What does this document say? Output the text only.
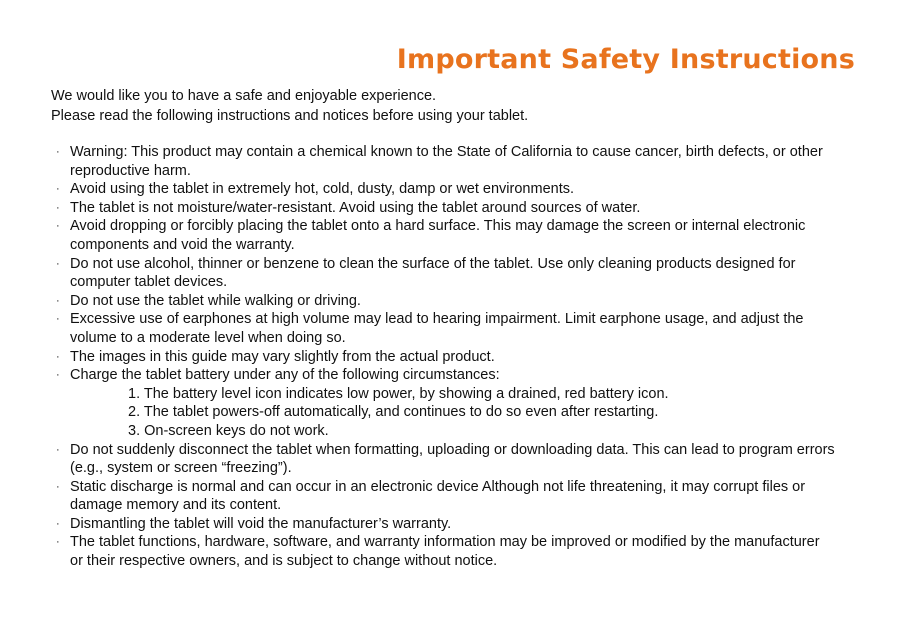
Important Safety Instructions

We would like you to have a safe and enjoyable experience.

Please read the following instructions and notices before using your tablet.

· Warning: This product may contain a chemical known to the State of California to cause cancer, birth defects, or other reproductive harm.
· Avoid using the tablet in extremely hot, cold, dusty, damp or wet environments.
· The tablet is not moisture/water-resistant. Avoid using the tablet around sources of water.
· Avoid dropping or forcibly placing the tablet onto a hard surface. This may damage the screen or internal electronic components and void the warranty.
· Do not use alcohol, thinner or benzene to clean the surface of the tablet. Use only cleaning products designed for computer tablet devices.
· Do not use the tablet while walking or driving.
· Excessive use of earphones at high volume may lead to hearing impairment. Limit earphone usage, and adjust the volume to a moderate level when doing so.
· The images in this guide may vary slightly from the actual product.
· Charge the tablet battery under any of the following circumstances:
1. The battery level icon indicates low power, by showing a drained, red battery icon.
2. The tablet powers-off automatically, and continues to do so even after restarting.
3. On-screen keys do not work.
· Do not suddenly disconnect the tablet when formatting, uploading or downloading data. This can lead to program errors (e.g., system or screen “freezing”).
· Static discharge is normal and can occur in an electronic device Although not life threatening, it may corrupt files or damage memory and its content.
· Dismantling the tablet will void the manufacturer’s warranty.
· The tablet functions, hardware, software, and warranty information may be improved or modified by the manufacturer or their respective owners, and is subject to change without notice.
